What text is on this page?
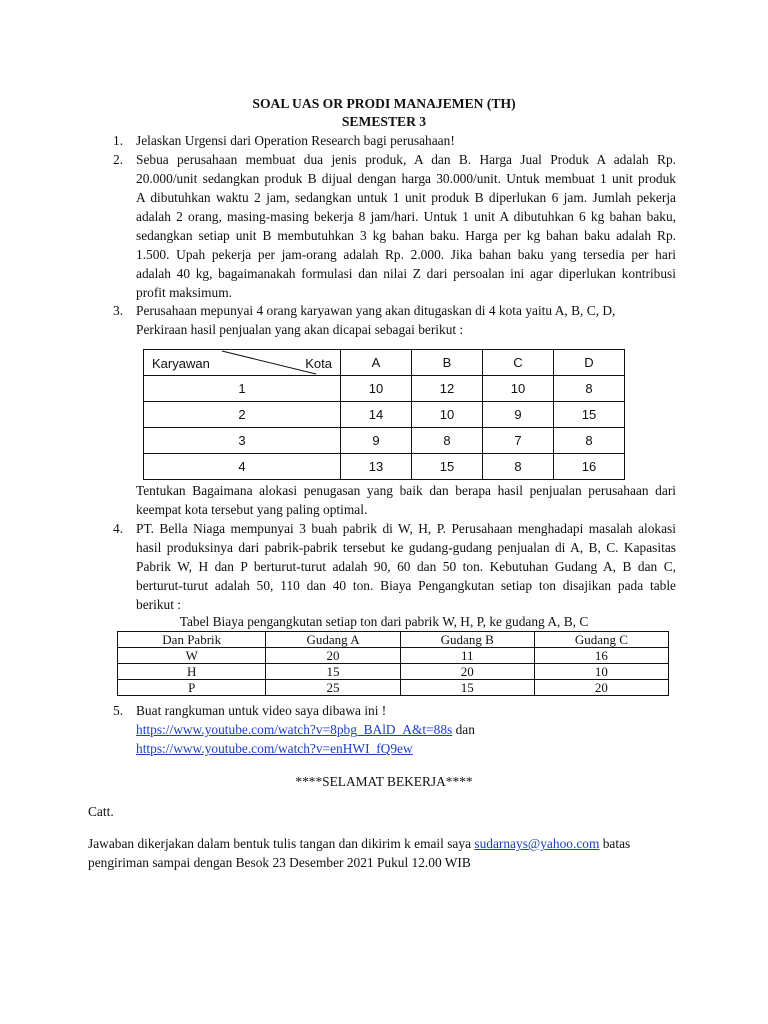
SOAL UAS OR PRODI MANAJEMEN (TH)
SEMESTER 3
1. Jelaskan Urgensi dari Operation Research bagi perusahaan!
2. Sebua perusahaan membuat dua jenis produk, A dan B. Harga Jual Produk A adalah Rp.
20.000/unit sedangkan produk B dijual dengan harga 30.000/unit. Untuk membuat 1 unit produk
A dibutuhkan waktu 2 jam, sedangkan untuk 1 unit produk B diperlukan 6 jam. Jumlah pekerja
adalah 2 orang, masing-masing bekerja 8 jam/hari. Untuk 1 unit A dibutuhkan 6 kg bahan baku,
sedangkan setiap unit B membutuhkan 3 kg bahan baku. Harga per kg bahan baku adalah Rp.
1.500. Upah pekerja per jam-orang adalah Rp. 2.000. Jika bahan baku yang tersedia per hari
adalah 40 kg, bagaimanakah formulasi dan nilai Z dari persoalan ini agar diperlukan kontribusi
profit maksimum.
3. Perusahaan mepunyai 4 orang karyawan yang akan ditugaskan di 4 kota yaitu A, B, C, D,
Perkiraan hasil penjualan yang akan dicapai sebagai berikut :
Karyawan Kota	A	B	C	D
1	10	12	10	8
2	14	10	9	15
3	9	8	7	8
4	13	15	8	16
Tentukan Bagaimana alokasi penugasan yang baik dan berapa hasil penjualan perusahaan dari
keempat kota tersebut yang paling optimal.
4. PT. Bella Niaga mempunyai 3 buah pabrik di W, H, P. Perusahaan menghadapi masalah alokasi
hasil produksinya dari pabrik-pabrik tersebut ke gudang-gudang penjualan di A, B, C. Kapasitas
Pabrik W, H dan P berturut-turut adalah 90, 60 dan 50 ton. Kebutuhan Gudang A, B dan C,
berturut-turut adalah 50, 110 dan 40 ton. Biaya Pengangkutan setiap ton disajikan pada table
berikut :
Tabel Biaya pengangkutan setiap ton dari pabrik W, H, P, ke gudang A, B, C
Dan Pabrik	Gudang A	Gudang B	Gudang C
W	20	11	16
H	15	20	10
P	25	15	20
5. Buat rangkuman untuk video saya dibawa ini !
https://www.youtube.com/watch?v=8pbg_BAlD_A&t=88s dan
https://www.youtube.com/watch?v=enHWI_fQ9ew
****SELAMAT BEKERJA****
Catt.
Jawaban dikerjakan dalam bentuk tulis tangan dan dikirim k email saya sudarnays@yahoo.com batas
pengiriman sampai dengan Besok 23 Desember 2021 Pukul 12.00 WIB
